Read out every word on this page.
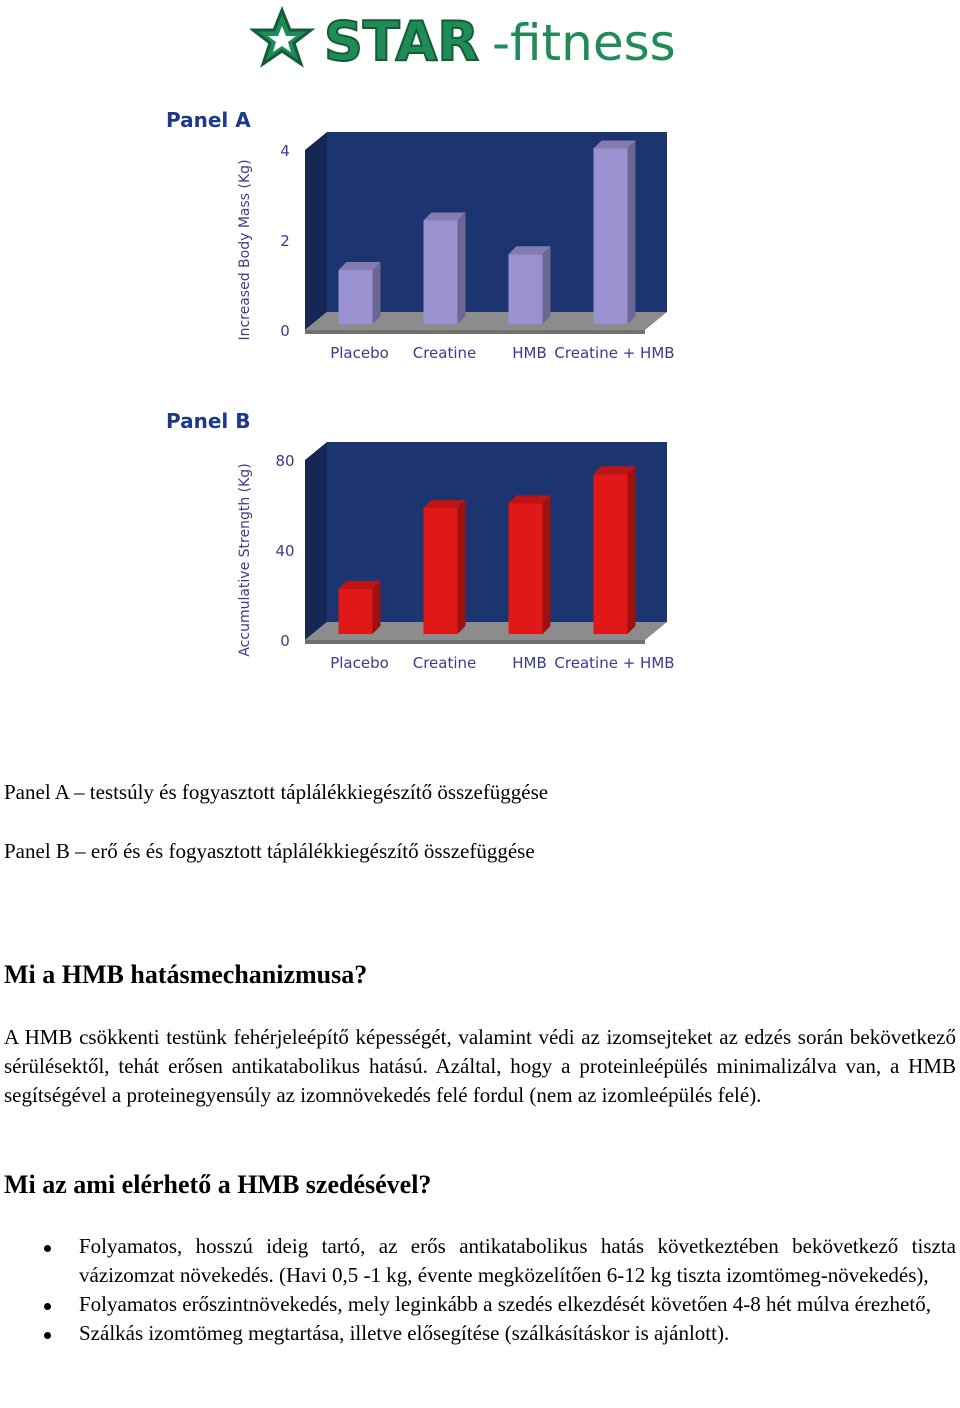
STAR -fitness
Panel A
0
2
4
Increased Body Mass (Kg)
Placebo Creatine HMB Creatine + HMB
Panel B
0
40
80
Accumulative Strength (Kg)
Placebo Creatine HMB Creatine + HMB

Panel A – testsúly és fogyasztott táplálékkiegészítő összefüggése

Panel B – erő és és fogyasztott táplálékkiegészítő összefüggése

Mi a HMB hatásmechanizmusa?

A HMB csökkenti testünk fehérjeleépítő képességét, valamint védi az izomsejteket az edzés során bekövetkező sérülésektől, tehát erősen antikatabolikus hatású. Azáltal, hogy a proteinleépülés minimalizálva van, a HMB segítségével a proteinegyensúly az izomnövekedés felé fordul (nem az izomleépülés felé).

Mi az ami elérhető a HMB szedésével?
Folyamatos, hosszú ideig tartó, az erős antikatabolikus hatás következtében bekövetkező tiszta vázizomzat növekedés. (Havi 0,5 -1 kg, évente megközelítően 6-12 kg tiszta izomtömeg-növekedés),
Folyamatos erőszintnövekedés, mely leginkább a szedés elkezdését követően 4-8 hét múlva érezhető,
Szálkás izomtömeg megtartása, illetve elősegítése (szálkásításkor is ajánlott).
